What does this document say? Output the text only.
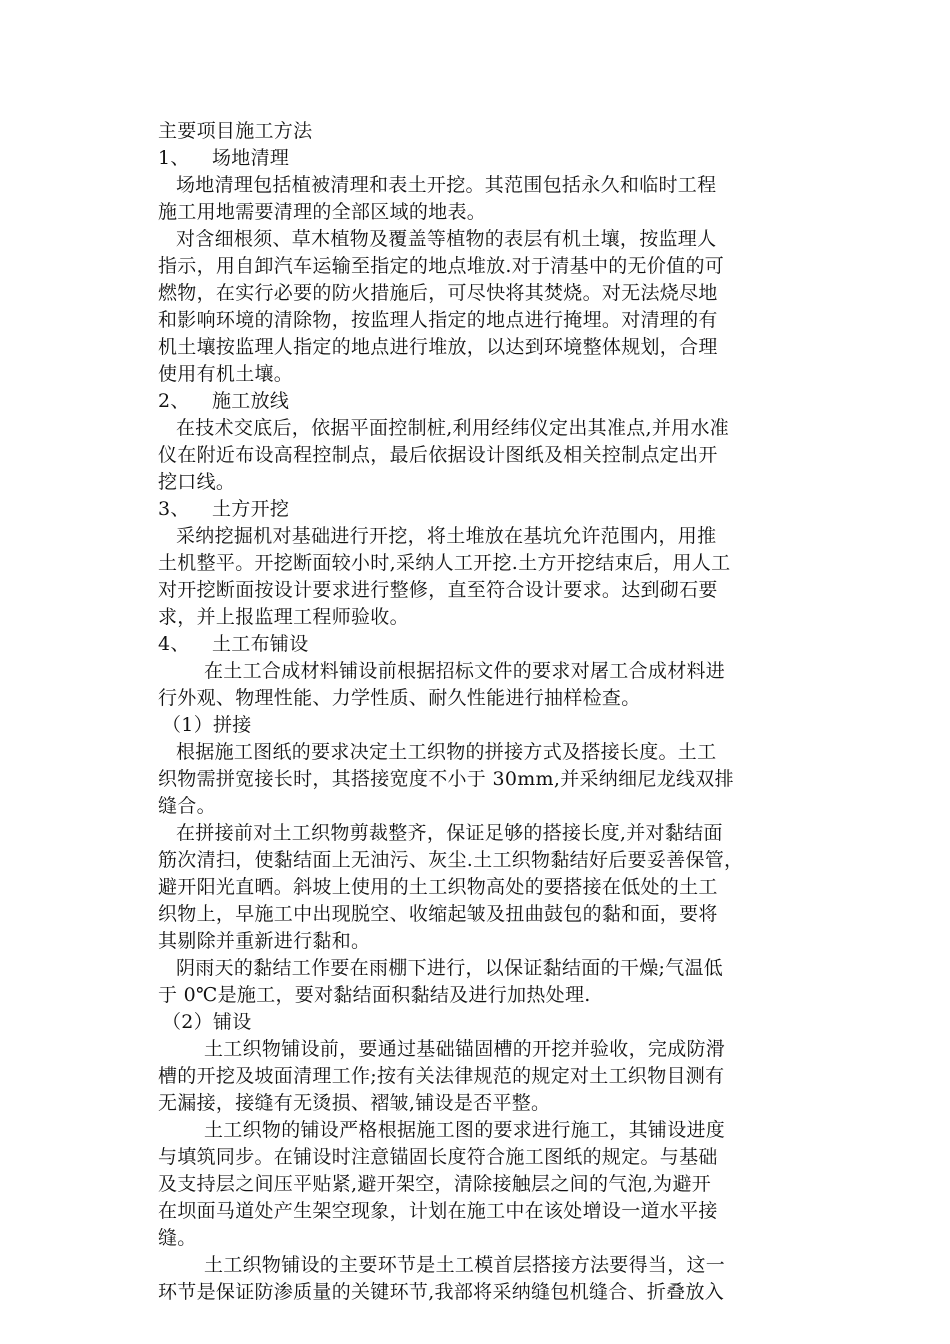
主要项目施工方法
1、 场地清理
场地清理包括植被清理和表土开挖。其范围包括永久和临时工程
施工用地需要清理的全部区域的地表。
对含细根须、草木植物及覆盖等植物的表层有机土壤，按监理人
指示，用自卸汽车运输至指定的地点堆放.对于清基中的无价值的可
燃物，在实行必要的防火措施后，可尽快将其焚烧。对无法烧尽地
和影响环境的清除物，按监理人指定的地点进行掩埋。对清理的有
机土壤按监理人指定的地点进行堆放，以达到环境整体规划，合理
使用有机土壤。
2、 施工放线
在技术交底后，依据平面控制桩,利用经纬仪定出其准点,并用水准
仪在附近布设高程控制点，最后依据设计图纸及相关控制点定出开
挖口线。
3、 土方开挖
采纳挖掘机对基础进行开挖，将土堆放在基坑允许范围内，用推
土机整平。开挖断面较小时,采纳人工开挖.土方开挖结束后，用人工
对开挖断面按设计要求进行整修，直至符合设计要求。达到砌石要
求，并上报监理工程师验收。
4、 土工布铺设
在土工合成材料铺设前根据招标文件的要求对屠工合成材料进
行外观、物理性能、力学性质、耐久性能进行抽样检查。
（1）拼接
根据施工图纸的要求决定土工织物的拼接方式及搭接长度。土工
织物需拼宽接长时，其搭接宽度不小于 30mm,并采纳细尼龙线双排
缝合。
在拼接前对土工织物剪裁整齐，保证足够的搭接长度,并对黏结面
筋次清扫，使黏结面上无油污、灰尘.土工织物黏结好后要妥善保管，
避开阳光直晒。斜坡上使用的土工织物高处的要搭接在低处的土工
织物上，早施工中出现脱空、收缩起皱及扭曲鼓包的黏和面，要将
其剔除并重新进行黏和。
阴雨天的黏结工作要在雨棚下进行，以保证黏结面的干燥;气温低
于 0℃是施工，要对黏结面积黏结及进行加热处理.
（2）铺设
土工织物铺设前，要通过基础锚固槽的开挖并验收，完成防滑
槽的开挖及坡面清理工作;按有关法律规范的规定对土工织物目测有
无漏接，接缝有无烫损、褶皱,铺设是否平整。
土工织物的铺设严格根据施工图的要求进行施工，其铺设进度
与填筑同步。在铺设时注意锚固长度符合施工图纸的规定。与基础
及支持层之间压平贴紧,避开架空，清除接触层之间的气泡,为避开
在坝面马道处产生架空现象，计划在施工中在该处增设一道水平接
缝。
土工织物铺设的主要环节是土工模首层搭接方法要得当，这一
环节是保证防渗质量的关键环节,我部将采纳缝包机缝合、折叠放入
